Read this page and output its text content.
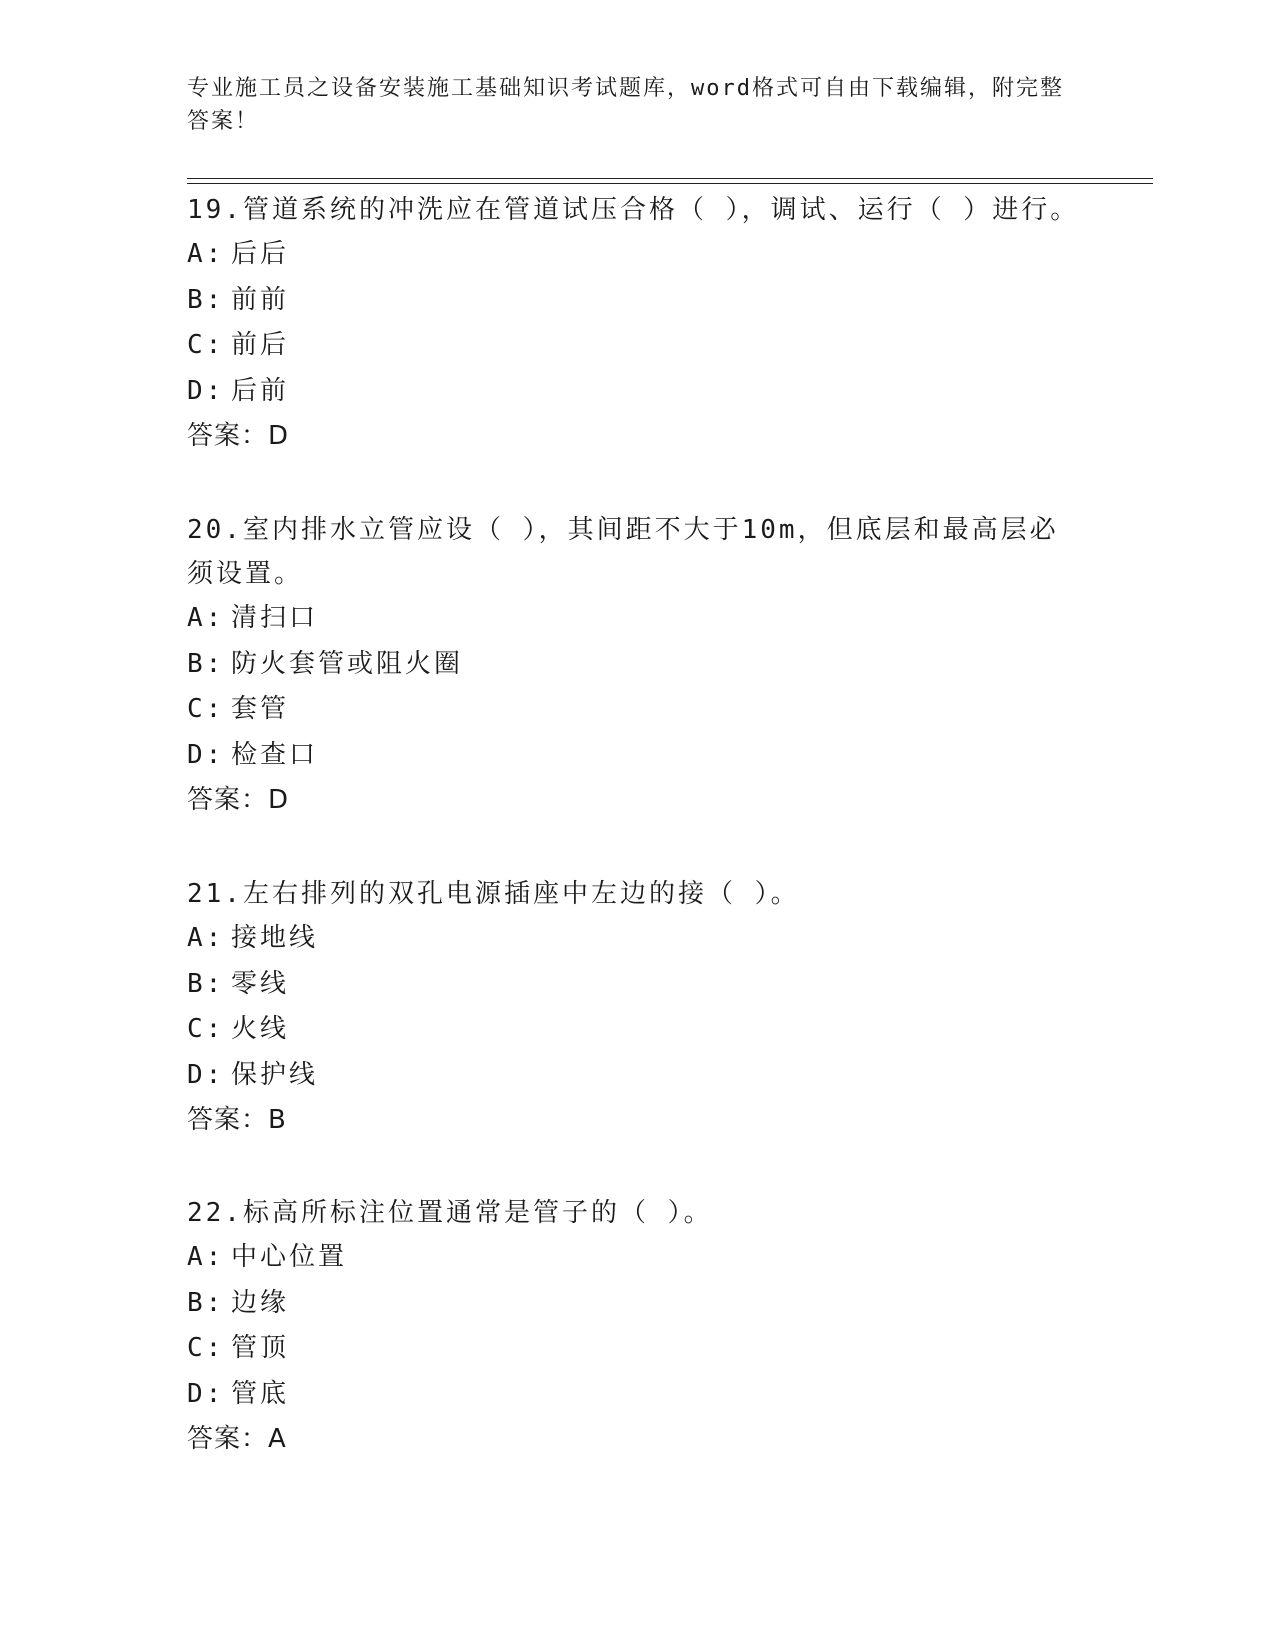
专业施工员之设备安装施工基础知识考试题库，word格式可自由下载编辑，附完整答案！

19.管道系统的冲洗应在管道试压合格（ ），调试、运行（ ）进行。

A: 后后
B: 前前
C: 前后
D: 后前
答案：D

20.室内排水立管应设（ ），其间距不大于10m，但底层和最高层必须设置。

A: 清扫口
B: 防火套管或阻火圈
C: 套管
D: 检查口
答案：D

21.左右排列的双孔电源插座中左边的接（ ）。

A: 接地线
B: 零线
C: 火线
D: 保护线
答案：B

22.标高所标注位置通常是管子的（ ）。

A: 中心位置
B: 边缘
C: 管顶
D: 管底
答案：A
